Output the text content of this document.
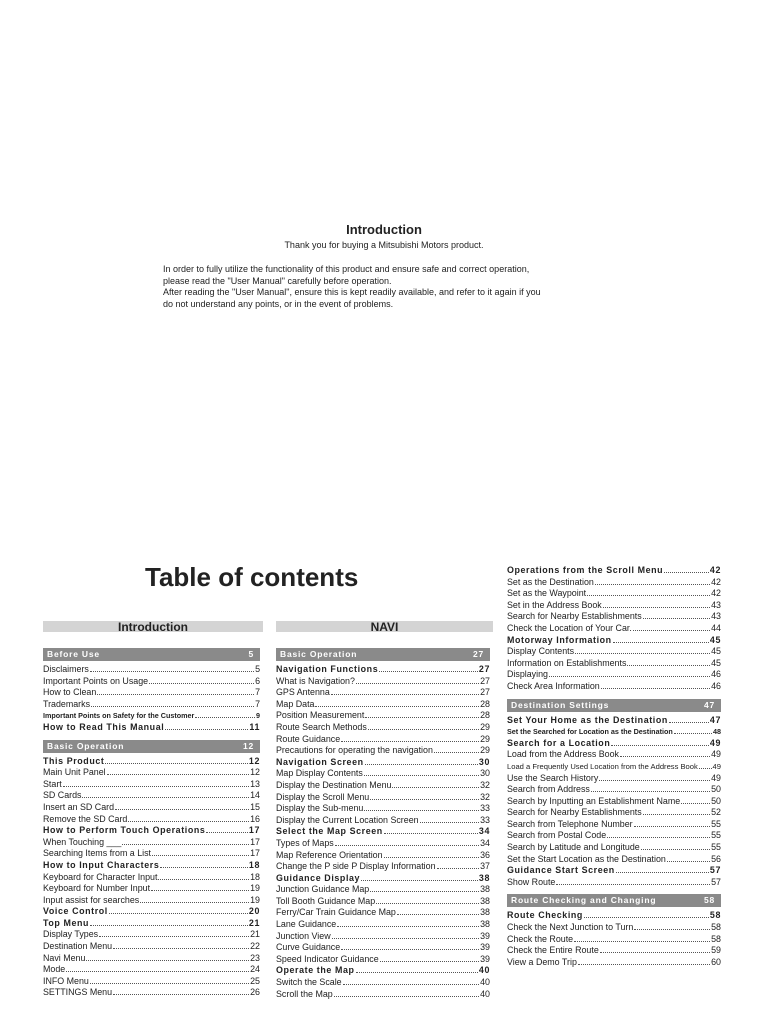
Introduction
Thank you for buying a Mitsubishi Motors product.
In order to fully utilize the functionality of this product and ensure safe and correct operation,
please read the "User Manual" carefully before operation.
After reading the "User Manual", ensure this is kept readily available, and refer to it again if you
do not understand any points, or in the event of problems.
Table of contents
Introduction	NAVI
Before Use	5
Disclaimers	5
Important Points on Usage	6
How to Clean	7
Trademarks	7
Important Points on Safety for the Customer	9
How to Read This Manual	11
Basic Operation	12
This Product	12
Main Unit Panel	12
Start	13
SD Cards	14
Insert an SD Card	15
Remove the SD Card	16
How to Perform Touch Operations	17
When Touching ___	17
Searching Items from a List	17
How to Input Characters	18
Keyboard for Character Input	18
Keyboard for Number Input	19
Input assist for searches	19
Voice Control	20
Top Menu	21
Display Types	21
Destination Menu	22
Navi Menu	23
Mode	24
INFO Menu	25
SETTINGS Menu	26
Basic Operation	27
Navigation Functions	27
What is Navigation?	27
GPS Antenna	27
Map Data	28
Position Measurement	28
Route Search Methods	29
Route Guidance	29
Precautions for operating the navigation	29
Navigation Screen	30
Map Display Contents	30
Display the Destination Menu	32
Display the Scroll Menu	32
Display the Sub-menu	33
Display the Current Location Screen	33
Select the Map Screen	34
Types of Maps	34
Map Reference Orientation	36
Change the P side P Display Information	37
Guidance Display	38
Junction Guidance Map	38
Toll Booth Guidance Map	38
Ferry/Car Train Guidance Map	38
Lane Guidance	38
Junction View	39
Curve Guidance	39
Speed Indicator Guidance	39
Operate the Map	40
Switch the Scale	40
Scroll the Map	40
Operations from the Scroll Menu	42
Set as the Destination	42
Set as the Waypoint	42
Set in the Address Book	43
Search for Nearby Establishments	43
Check the Location of Your Car.	44
Motorway Information	45
Display Contents	45
Information on Establishments	45
Displaying	46
Check Area Information	46
Destination Settings	47
Set Your Home as the Destination	47
Set the Searched for Location as the Destination	48
Search for a Location	49
Load from the Address Book	49
Load a Frequently Used Location from the Address Book 49
Use the Search History	49
Search from Address	50
Search by Inputting an Establishment Name	50
Search for Nearby Establishments	52
Search from Telephone Number	55
Search from Postal Code	55
Search by Latitude and Longitude	55
Set the Start Location as the Destination	56
Guidance Start Screen	57
Show Route	57
Route Checking and Changing	58
Route Checking	58
Check the Next Junction to Turn	58
Check the Route	58
Check the Entire Route	59
View a Demo Trip	60
